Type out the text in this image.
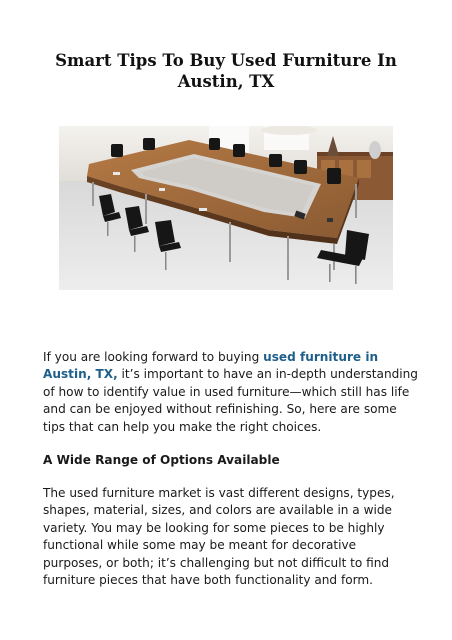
Smart Tips To Buy Used Furniture In Austin, TX

If you are looking forward to buying used furniture in Austin, TX, it’s important to have an in-depth understanding of how to identify value in used furniture—which still has life and can be enjoyed without refinishing. So, here are some tips that can help you make the right choices.

A Wide Range of Options Available

The used furniture market is vast different designs, types, shapes, material, sizes, and colors are available in a wide variety. You may be looking for some pieces to be highly functional while some may be meant for decorative purposes, or both; it’s challenging but not difficult to find furniture pieces that have both functionality and form.
